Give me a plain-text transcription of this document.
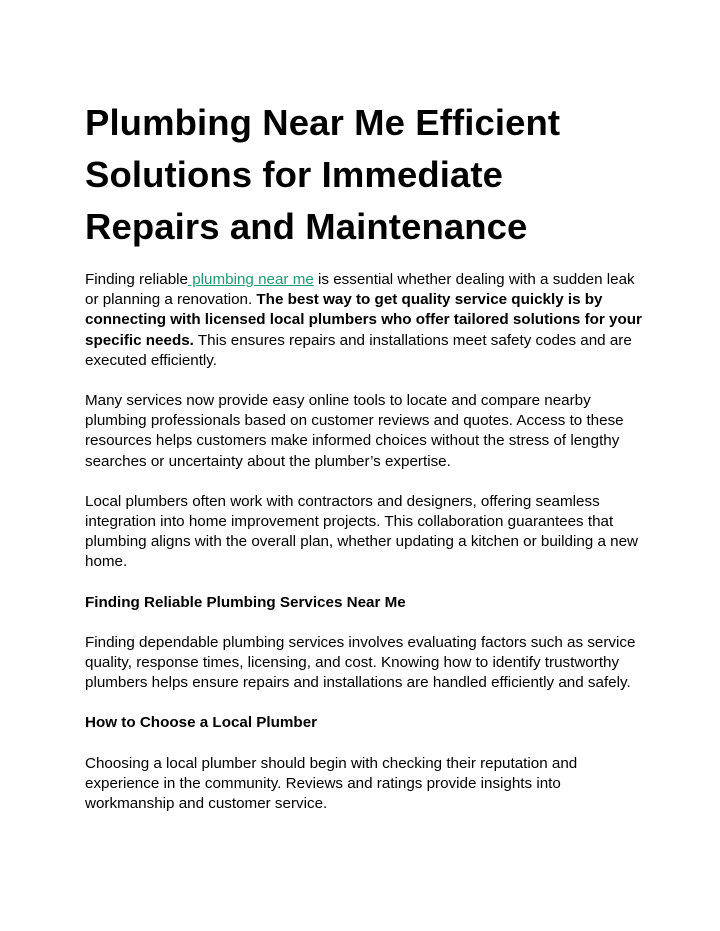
Plumbing Near Me Efficient Solutions for Immediate Repairs and Maintenance

Finding reliable plumbing near me is essential whether dealing with a sudden leak or planning a renovation. The best way to get quality service quickly is by connecting with licensed local plumbers who offer tailored solutions for your specific needs. This ensures repairs and installations meet safety codes and are executed efficiently.

Many services now provide easy online tools to locate and compare nearby plumbing professionals based on customer reviews and quotes. Access to these resources helps customers make informed choices without the stress of lengthy searches or uncertainty about the plumber’s expertise.

Local plumbers often work with contractors and designers, offering seamless integration into home improvement projects. This collaboration guarantees that plumbing aligns with the overall plan, whether updating a kitchen or building a new home.

Finding Reliable Plumbing Services Near Me

Finding dependable plumbing services involves evaluating factors such as service quality, response times, licensing, and cost. Knowing how to identify trustworthy plumbers helps ensure repairs and installations are handled efficiently and safely.

How to Choose a Local Plumber

Choosing a local plumber should begin with checking their reputation and experience in the community. Reviews and ratings provide insights into workmanship and customer service.
